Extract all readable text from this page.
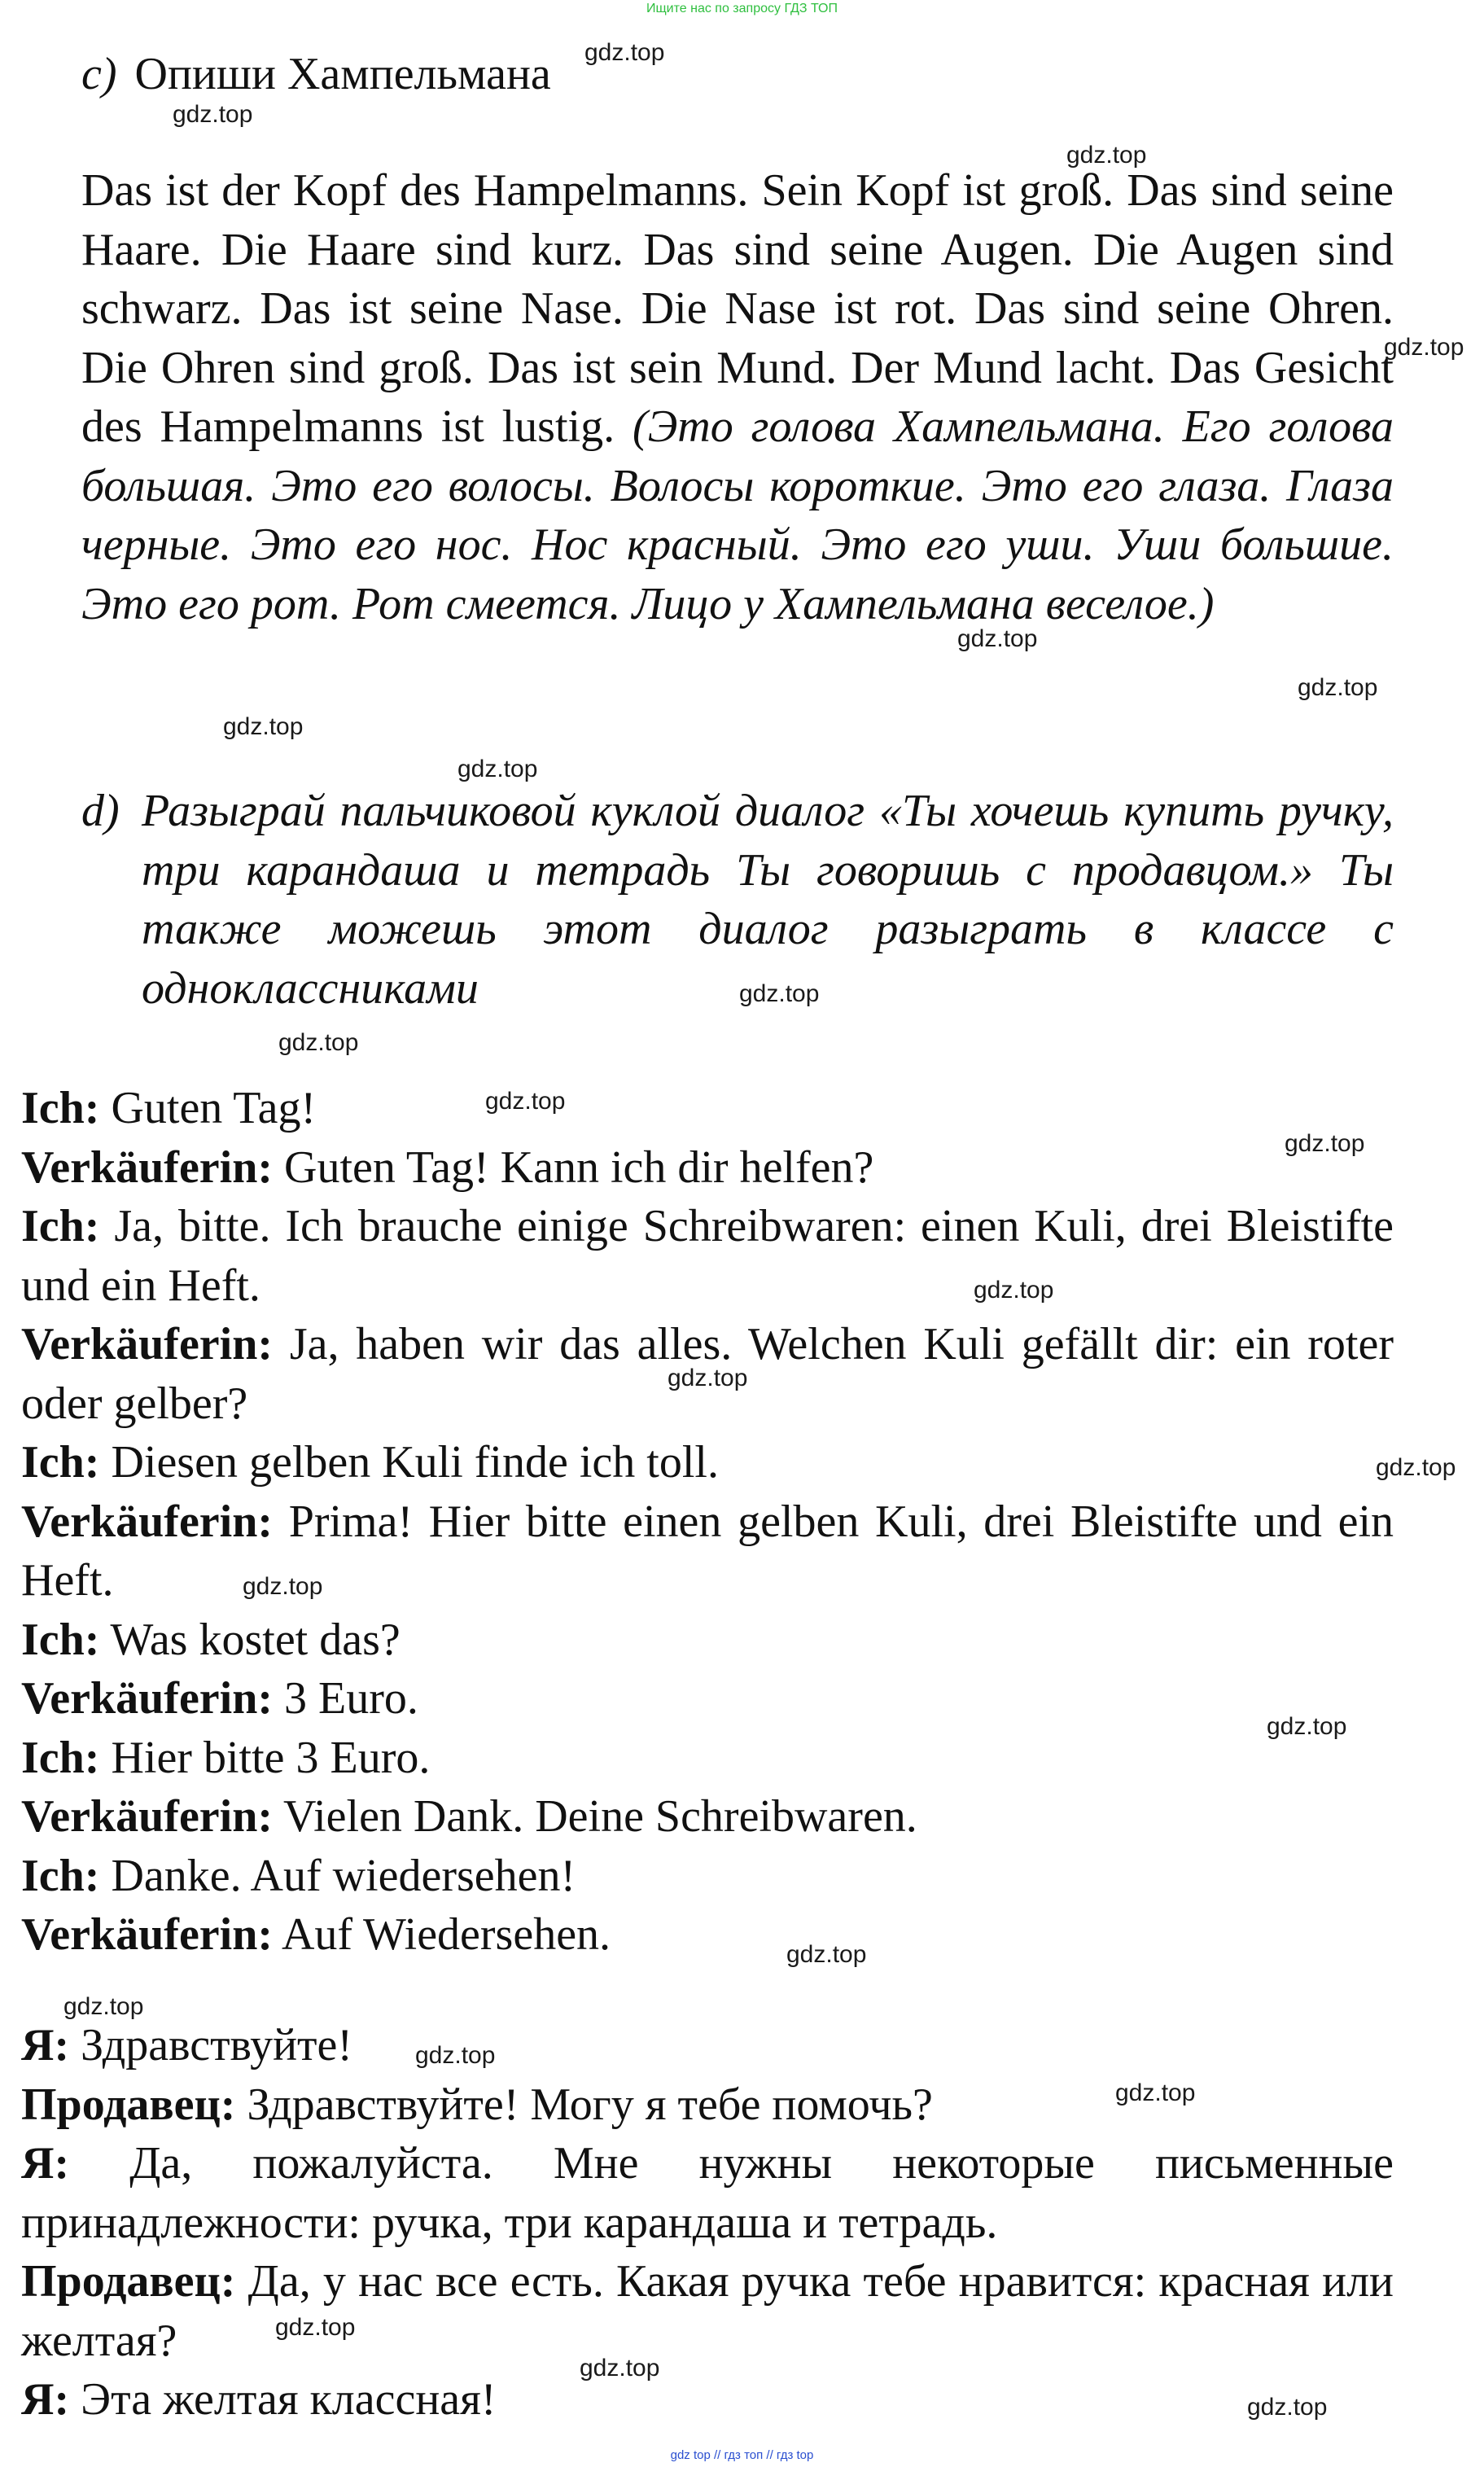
Ищите нас по запросу ГДЗ ТОП
c) Опиши Хампельмана
Das ist der Kopf des Hampelmanns. Sein Kopf ist groß. Das sind seine Haare. Die Haare sind kurz. Das sind seine Augen. Die Augen sind schwarz. Das ist seine Nase. Die Nase ist rot. Das sind seine Ohren. Die Ohren sind groß. Das ist sein Mund. Der Mund lacht. Das Gesicht des Hampelmanns ist lustig. (Это голова Хампельмана. Его голова большая. Это его волосы. Волосы короткие. Это его глаза. Глаза черные. Это его нос. Нос красный. Это его уши. Уши большие. Это его рот. Рот смеется. Лицо у Хампельмана веселое.)
d) Разыграй пальчиковой куклой диалог «Ты хочешь купить ручку, три карандаша и тетрадь Ты говоришь с продавцом.» Ты также можешь этот диалог разыграть в классе с одноклассниками
Ich: Guten Tag!
Verkäuferin: Guten Tag! Kann ich dir helfen?
Ich: Ja, bitte. Ich brauche einige Schreibwaren: einen Kuli, drei Bleistifte und ein Heft.
Verkäuferin: Ja, haben wir das alles. Welchen Kuli gefällt dir: ein roter oder gelber?
Ich: Diesen gelben Kuli finde ich toll.
Verkäuferin: Prima! Hier bitte einen gelben Kuli, drei Bleistifte und ein Heft.
Ich: Was kostet das?
Verkäuferin: 3 Euro.
Ich: Hier bitte 3 Euro.
Verkäuferin: Vielen Dank. Deine Schreibwaren.
Ich: Danke. Auf wiedersehen!
Verkäuferin: Auf Wiedersehen.
Я: Здравствуйте!
Продавец: Здравствуйте! Могу я тебе помочь?
Я: Да, пожалуйста. Мне нужны некоторые письменные принадлежности: ручка, три карандаша и тетрадь.
Продавец: Да, у нас все есть. Какая ручка тебе нравится: красная или желтая?
Я: Эта желтая классная!
gdz.top
gdz.top
gdz.top
gdz.top
gdz.top
gdz.top
gdz.top
gdz.top
gdz.top
gdz.top
gdz.top
gdz.top
gdz.top
gdz.top
gdz.top
gdz.top
gdz.top
gdz.top
gdz.top
gdz.top
gdz.top
gdz.top
gdz.top
gdz.top
gdz top // гдз топ // гдз top
